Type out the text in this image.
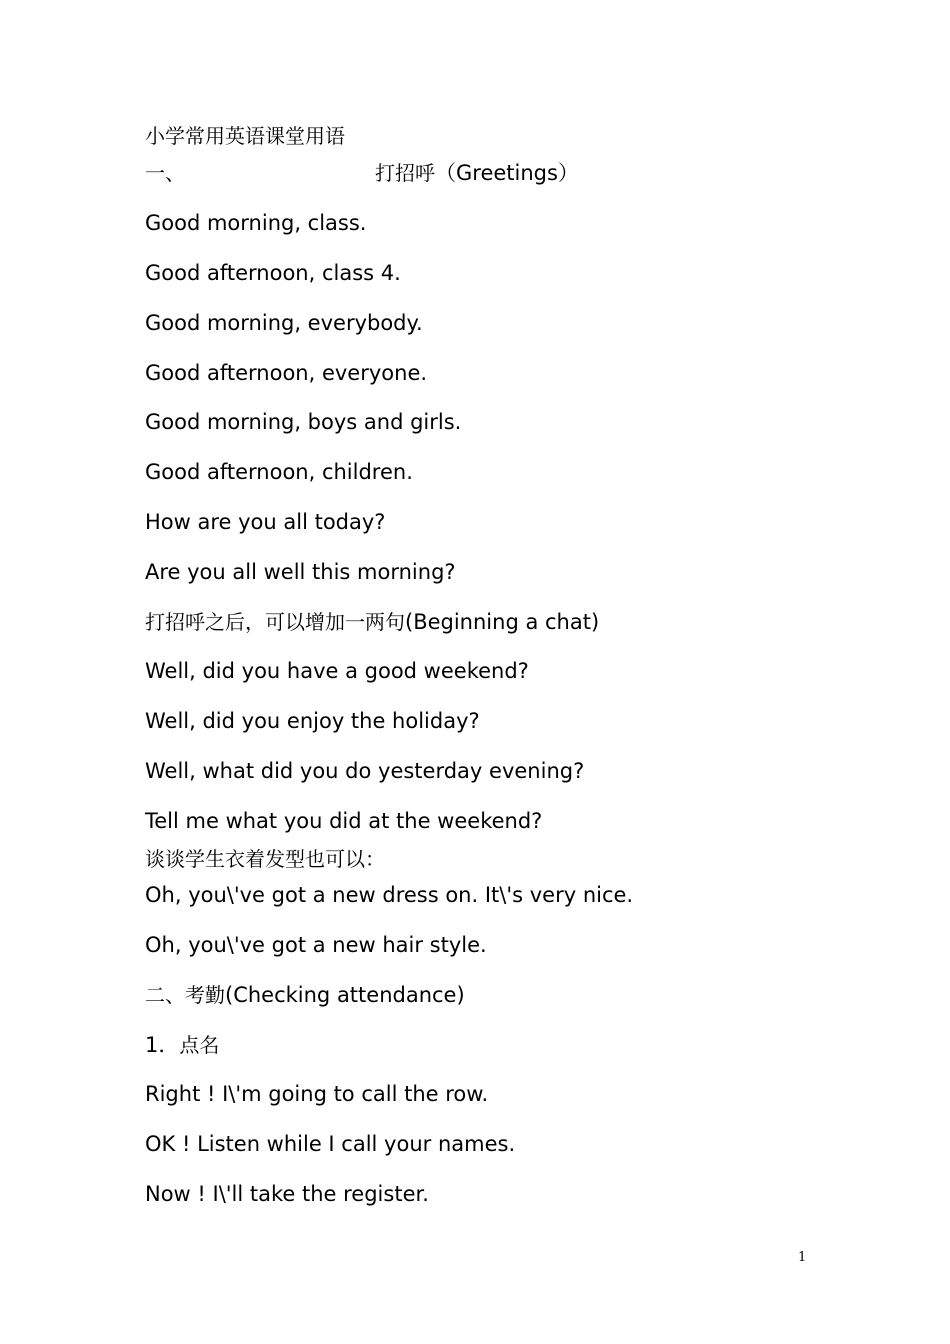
小学常用英语课堂用语
一、	打招呼（Greetings）
Good morning, class.
Good afternoon, class 4.
Good morning, everybody.
Good afternoon, everyone.
Good morning, boys and girls.
Good afternoon, children.
How are you all today?
Are you all well this morning?
打招呼之后，可以增加一两句(Beginning a chat)
Well, did you have a good weekend?
Well, did you enjoy the holiday?
Well, what did you do yesterday evening?
Tell me what you did at the weekend?
谈谈学生衣着发型也可以：
Oh, you\'ve got a new dress on. It\'s very nice.
Oh, you\'ve got a new hair style.
二、考勤(Checking attendance)
1．点名
Right ! I\'m going to call the row.
OK ! Listen while I call your names.
Now ! I\'ll take the register.
1
